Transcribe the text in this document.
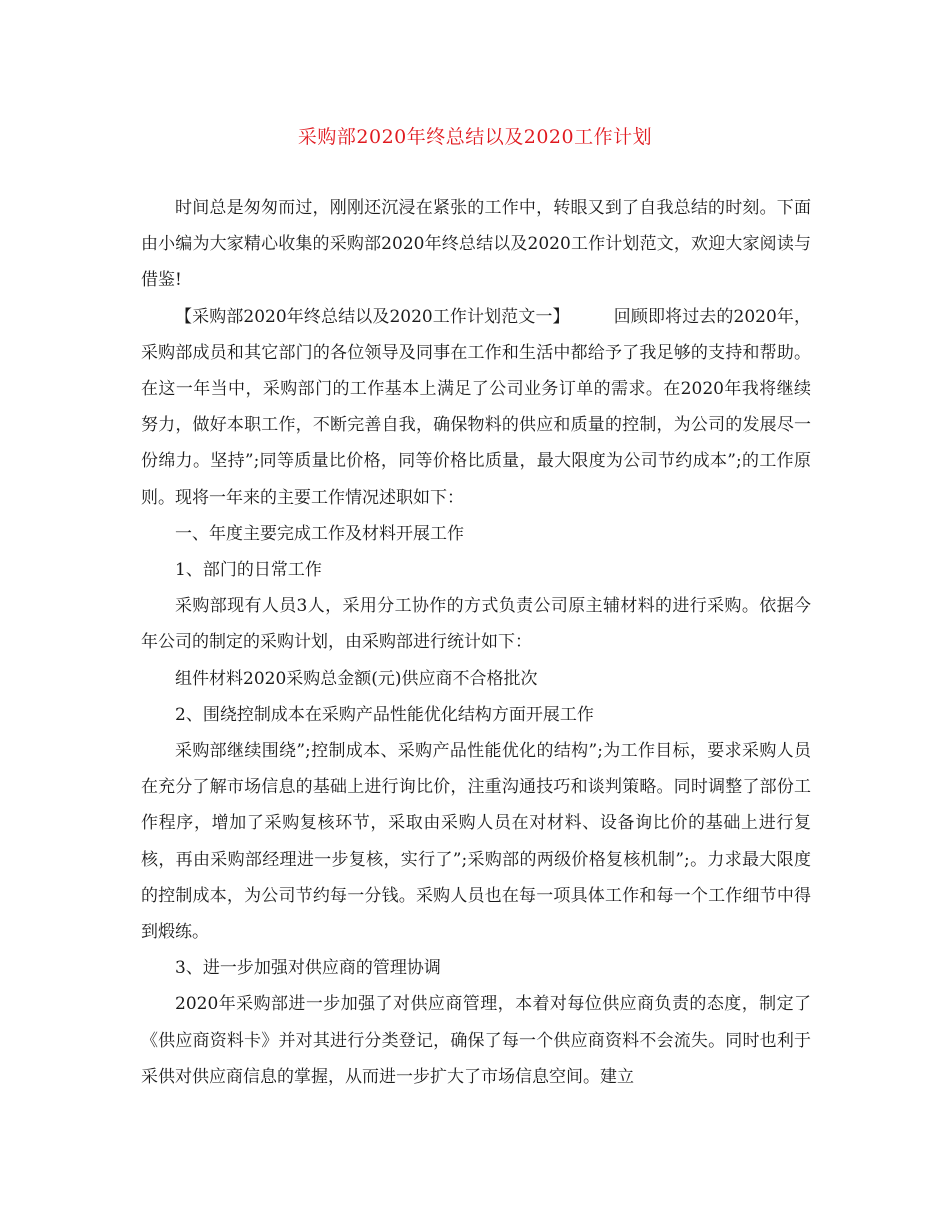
采购部2020年终总结以及2020工作计划

时间总是匆匆而过，刚刚还沉浸在紧张的工作中，转眼又到了自我总结的时刻。下面由小编为大家精心收集的采购部2020年终总结以及2020工作计划范文，欢迎大家阅读与借鉴!

【采购部2020年终总结以及2020工作计划范文一】	回顾即将过去的2020年，采购部成员和其它部门的各位领导及同事在工作和生活中都给予了我足够的支持和帮助。在这一年当中，采购部门的工作基本上满足了公司业务订单的需求。在2020年我将继续努力，做好本职工作，不断完善自我，确保物料的供应和质量的控制，为公司的发展尽一份绵力。坚持”;同等质量比价格，同等价格比质量，最大限度为公司节约成本”;的工作原则。现将一年来的主要工作情况述职如下：

一、年度主要完成工作及材料开展工作

1、部门的日常工作

采购部现有人员3人，采用分工协作的方式负责公司原主辅材料的进行采购。依据今年公司的制定的采购计划，由采购部进行统计如下：

组件材料2020采购总金额(元)供应商不合格批次

2、围绕控制成本在采购产品性能优化结构方面开展工作

采购部继续围绕”;控制成本、采购产品性能优化的结构”;为工作目标，要求采购人员在充分了解市场信息的基础上进行询比价，注重沟通技巧和谈判策略。同时调整了部份工作程序，增加了采购复核环节，采取由采购人员在对材料、设备询比价的基础上进行复核，再由采购部经理进一步复核，实行了”;采购部的两级价格复核机制”;。力求最大限度的控制成本，为公司节约每一分钱。采购人员也在每一项具体工作和每一个工作细节中得到煅练。

3、进一步加强对供应商的管理协调

2020年采购部进一步加强了对供应商管理，本着对每位供应商负责的态度，制定了《供应商资料卡》并对其进行分类登记，确保了每一个供应商资料不会流失。同时也利于采供对供应商信息的掌握，从而进一步扩大了市场信息空间。建立
